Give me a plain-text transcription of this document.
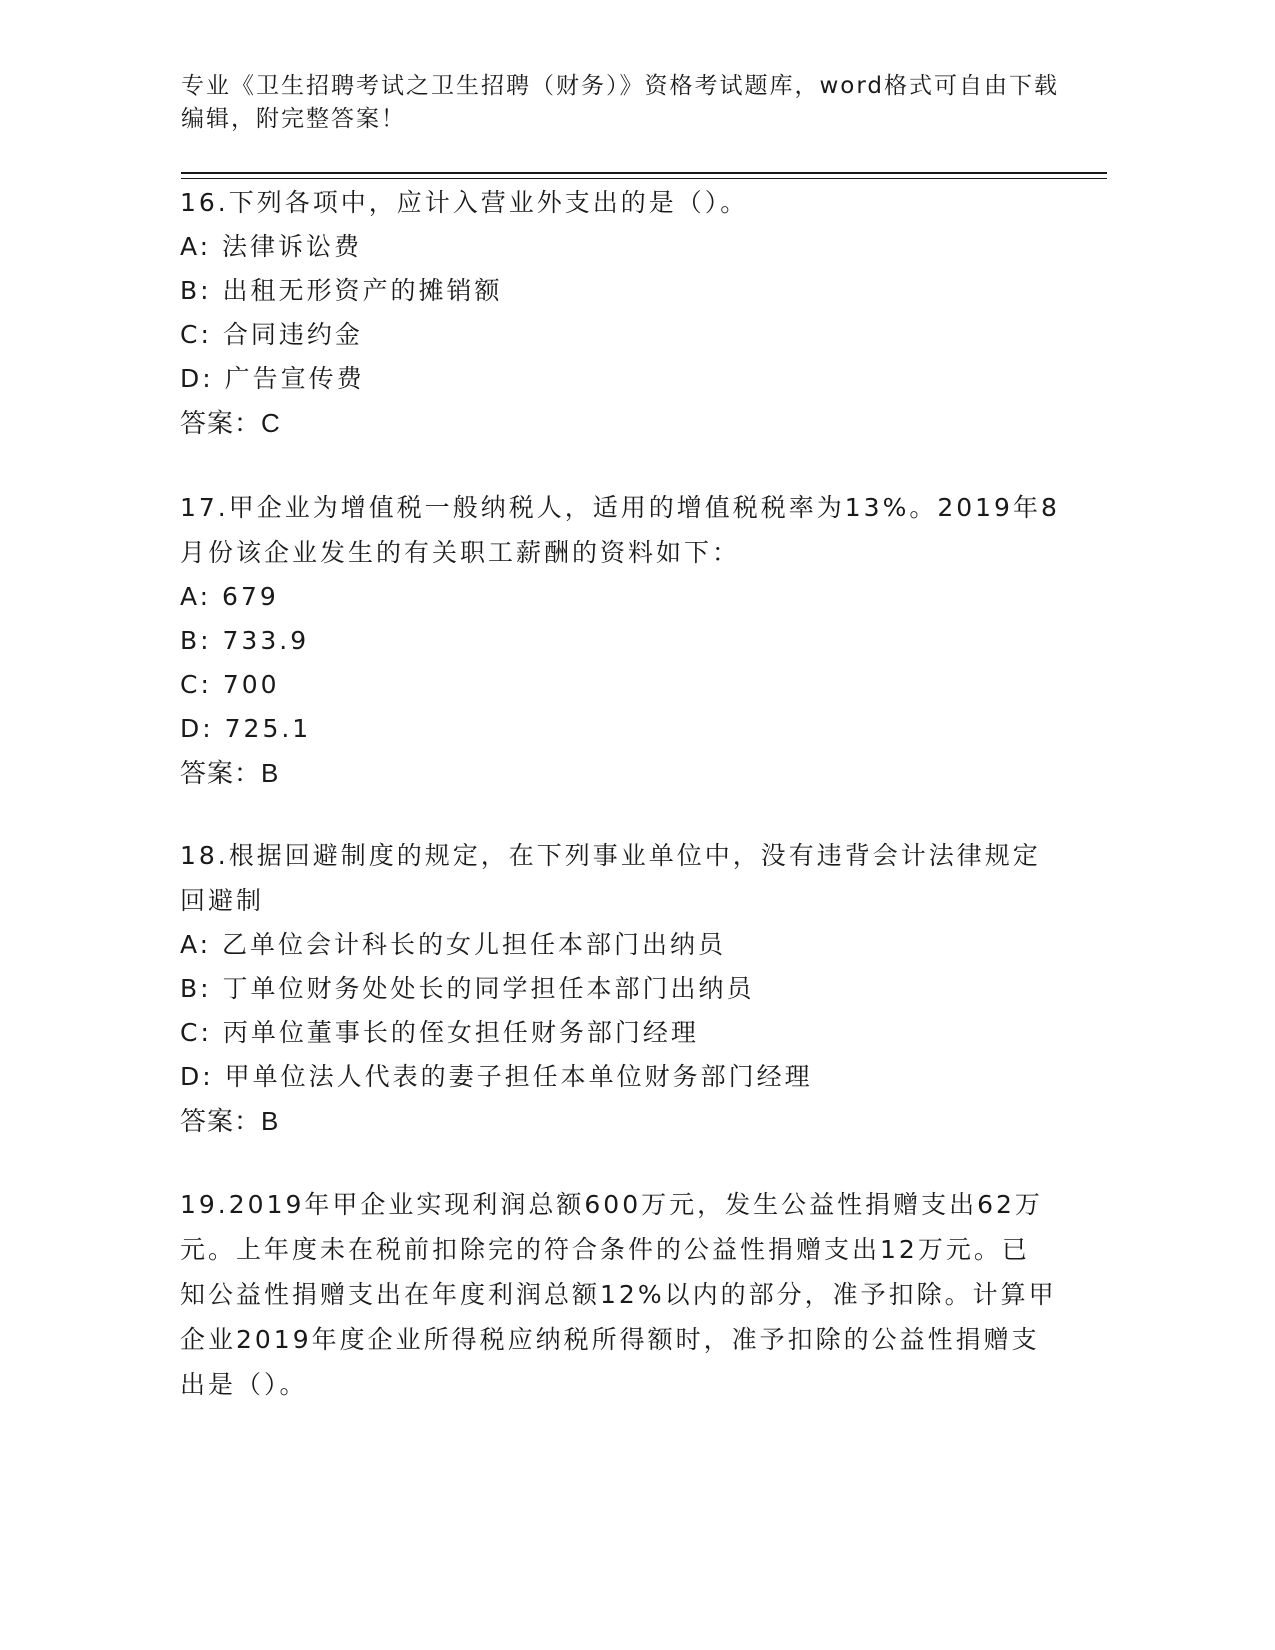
专业《卫生招聘考试之卫生招聘（财务）》资格考试题库，word格式可自由下载
编辑，附完整答案！

16.下列各项中，应计入营业外支出的是（）。

A: 法律诉讼费
B: 出租无形资产的摊销额
C: 合同违约金
D: 广告宣传费
答案：C

17.甲企业为增值税一般纳税人，适用的增值税税率为13%。2019年8
月份该企业发生的有关职工薪酬的资料如下：

A: 679
B: 733.9
C: 700
D: 725.1
答案：B

18.根据回避制度的规定，在下列事业单位中，没有违背会计法律规定
回避制

A: 乙单位会计科长的女儿担任本部门出纳员
B: 丁单位财务处处长的同学担任本部门出纳员
C: 丙单位董事长的侄女担任财务部门经理
D: 甲单位法人代表的妻子担任本单位财务部门经理
答案：B

19.2019年甲企业实现利润总额600万元，发生公益性捐赠支出62万
元。上年度未在税前扣除完的符合条件的公益性捐赠支出12万元。已
知公益性捐赠支出在年度利润总额12%以内的部分，准予扣除。计算甲
企业2019年度企业所得税应纳税所得额时，准予扣除的公益性捐赠支
出是（）。
